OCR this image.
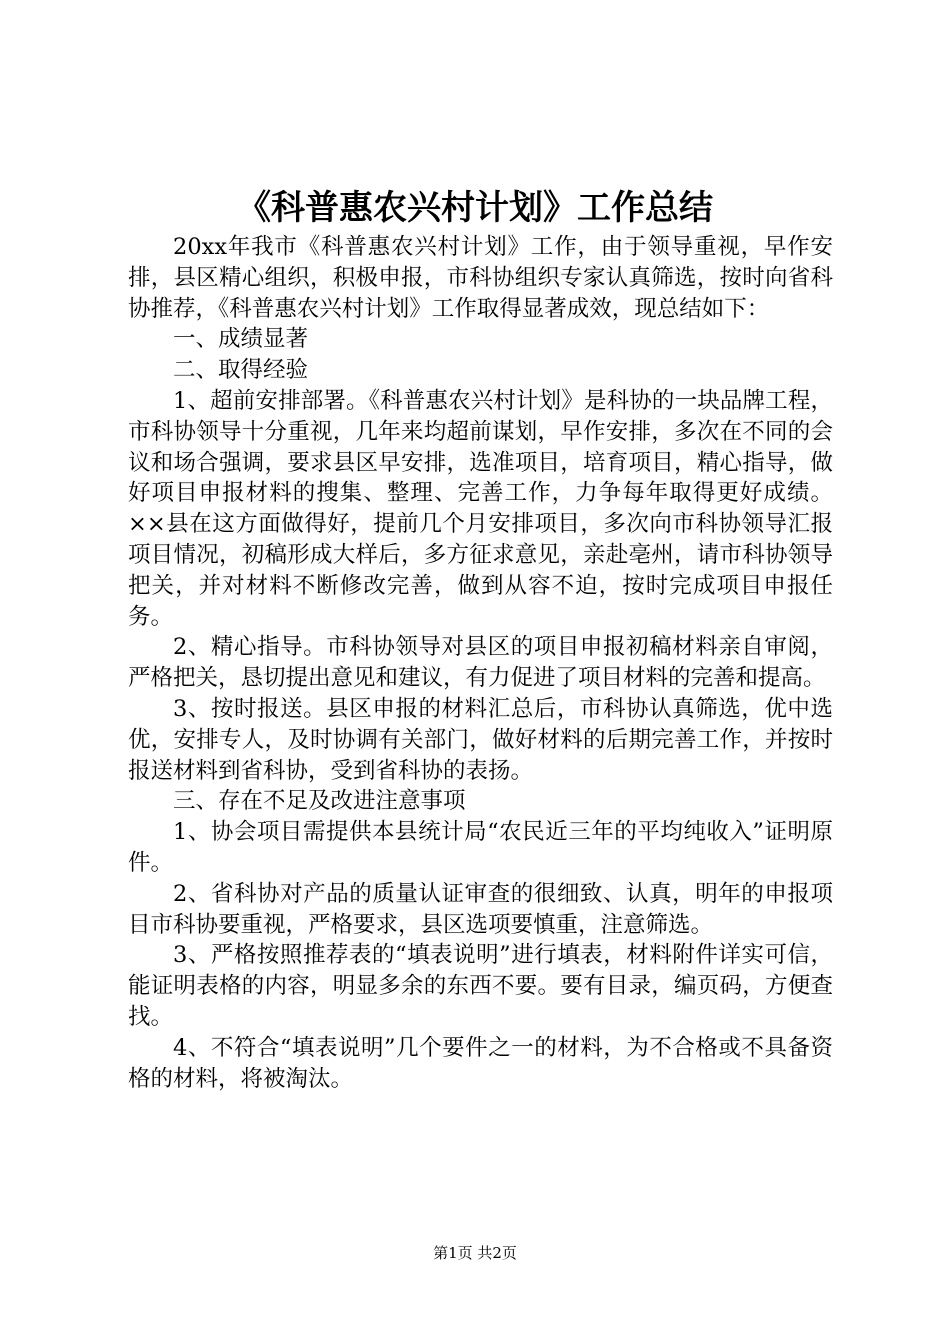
《科普惠农兴村计划》工作总结

20xx年我市《科普惠农兴村计划》工作，由于领导重视，早作安排，县区精心组织，积极申报，市科协组织专家认真筛选，按时向省科协推荐，《科普惠农兴村计划》工作取得显著成效，现总结如下：

一、成绩显著

二、取得经验

1、超前安排部署。《科普惠农兴村计划》是科协的一块品牌工程，市科协领导十分重视，几年来均超前谋划，早作安排，多次在不同的会议和场合强调，要求县区早安排，选准项目，培育项目，精心指导，做好项目申报材料的搜集、整理、完善工作，力争每年取得更好成绩。××县在这方面做得好，提前几个月安排项目，多次向市科协领导汇报项目情况，初稿形成大样后，多方征求意见，亲赴亳州，请市科协领导把关，并对材料不断修改完善，做到从容不迫，按时完成项目申报任务。

2、精心指导。市科协领导对县区的项目申报初稿材料亲自审阅，严格把关，恳切提出意见和建议，有力促进了项目材料的完善和提高。

3、按时报送。县区申报的材料汇总后，市科协认真筛选，优中选优，安排专人，及时协调有关部门，做好材料的后期完善工作，并按时报送材料到省科协，受到省科协的表扬。

三、存在不足及改进注意事项

1、协会项目需提供本县统计局“农民近三年的平均纯收入”证明原件。

2、省科协对产品的质量认证审查的很细致、认真，明年的申报项目市科协要重视，严格要求，县区选项要慎重，注意筛选。

3、严格按照推荐表的“填表说明”进行填表，材料附件详实可信，能证明表格的内容，明显多余的东西不要。要有目录，编页码，方便查找。

4、不符合“填表说明”几个要件之一的材料，为不合格或不具备资格的材料，将被淘汰。

第1页 共2页
